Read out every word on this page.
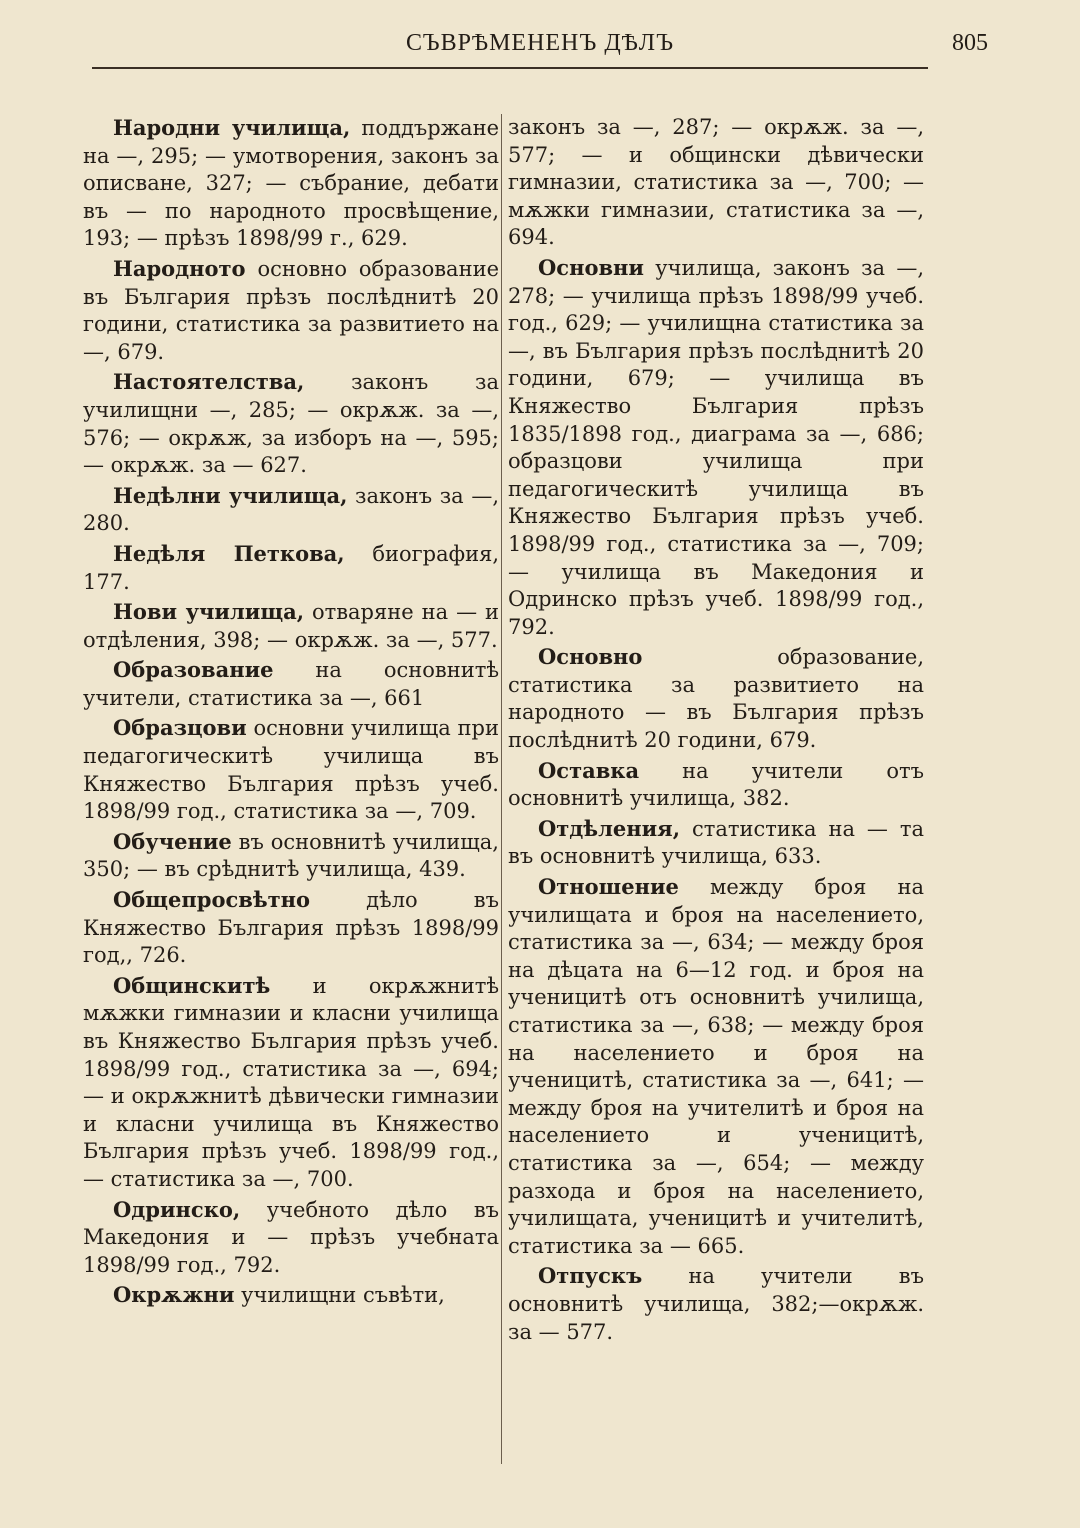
СЪВРѢМЕНЕНЪ ДѢЛЪ	805

Народни училища, поддържане на —, 295; — умотворения, законъ за описване, 327; — събрание, дебати въ — по народното просвѣщение, 193; — прѣзъ 1898/99 г., 629.

Народното основно образование въ България прѣзъ послѣднитѣ 20 години, статистика за развитието на —, 679.

Настоятелства, законъ за училищни —, 285; — окрѫж. за —, 576; — окрѫж, за изборъ на —, 595; — окрѫж. за — 627.

Недѣлни училища, законъ за —, 280.

Недѣля Петкова, биография, 177.

Нови училища, отваряне на — и отдѣления, 398; — окрѫж. за —, 577.

Образование на основнитѣ учители, статистика за —, 661

Образцови основни училища при педагогическитѣ училища въ Княжество България прѣзъ учеб. 1898/99 год., статистика за —, 709.

Обучение въ основнитѣ училища, 350; — въ срѣднитѣ училища, 439.

Общепросвѣтно дѣло въ Княжество България прѣзъ 1898/99 год,, 726.

Общинскитѣ и окрѫжнитѣ мѫжки гимназии и класни училища въ Княжество България прѣзъ учеб. 1898/99 год., статистика за —, 694; — и окрѫжнитѣ дѣвически гимназии и класни училища въ Княжество България прѣзъ учеб. 1898/99 год., — статистика за —, 700.

Одринско, учебното дѣло въ Македония и — прѣзъ учебната 1898/99 год., 792.

Окрѫжни училищни съвѣти,

законъ за —, 287; — окрѫж. за —, 577; — и общински дѣвически гимназии, статистика за —, 700; — мѫжки гимназии, статистика за —, 694.

Основни училища, законъ за —, 278; — училища прѣзъ 1898/99 учеб. год., 629; — училищна статистика за —, въ България прѣзъ послѣднитѣ 20 години, 679; — училища въ Княжество България прѣзъ 1835/1898 год., диаграма за —, 686; образцови училища при педагогическитѣ училища въ Княжество България прѣзъ учеб. 1898/99 год., статистика за —, 709; — училища въ Македония и Одринско прѣзъ учеб. 1898/99 год., 792.

Основно образование, статистика за развитието на народното — въ България прѣзъ послѣднитѣ 20 години, 679.

Оставка на учители отъ основнитѣ училища, 382.

Отдѣления, статистика на — та въ основнитѣ училища, 633.

Отношение между броя на училищата и броя на населението, статистика за —, 634; — между броя на дѣцата на 6—12 год. и броя на ученицитѣ отъ основнитѣ училища, статистика за —, 638; — между броя на населението и броя на ученицитѣ, статистика за —, 641; — между броя на учителитѣ и броя на населението и ученицитѣ, статистика за —, 654; — между разхода и броя на населението, училищата, ученицитѣ и учителитѣ, статистика за — 665.

Отпускъ на учители въ основнитѣ училища, 382;—окрѫж. за — 577.
